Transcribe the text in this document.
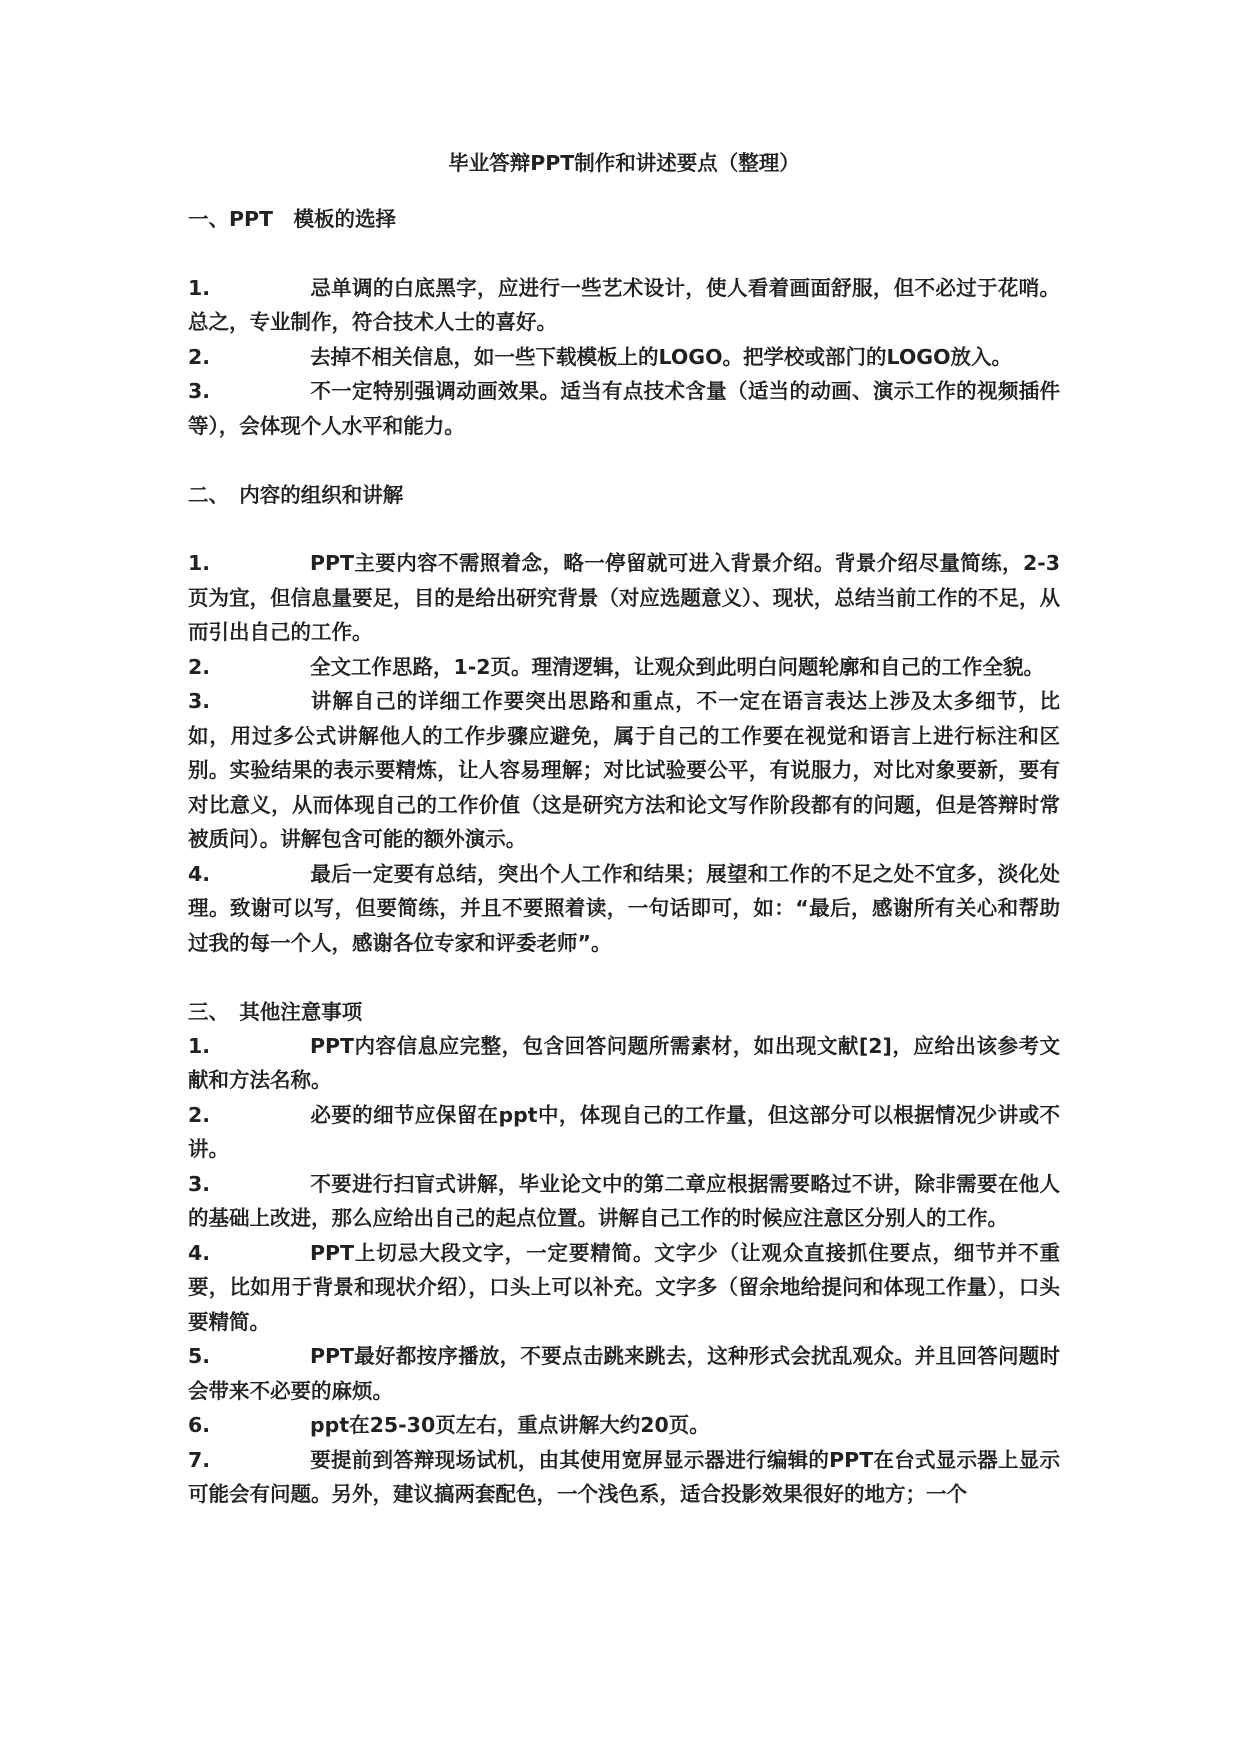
毕业答辩PPT制作和讲述要点（整理）

一、PPT　模板的选择

1.	忌单调的白底黑字，应进行一些艺术设计，使人看着画面舒服，但不必过于花哨。总之，专业制作，符合技术人士的喜好。

2.	去掉不相关信息，如一些下载模板上的LOGO。把学校或部门的LOGO放入。

3.	不一定特别强调动画效果。适当有点技术含量（适当的动画、演示工作的视频插件等），会体现个人水平和能力。

二、　内容的组织和讲解

1.	PPT主要内容不需照着念，略一停留就可进入背景介绍。背景介绍尽量简练，2-3页为宜，但信息量要足，目的是给出研究背景（对应选题意义）、现状，总结当前工作的不足，从而引出自己的工作。

2.	全文工作思路，1-2页。理清逻辑，让观众到此明白问题轮廓和自己的工作全貌。

3.	讲解自己的详细工作要突出思路和重点，不一定在语言表达上涉及太多细节，比如，用过多公式讲解他人的工作步骤应避免，属于自己的工作要在视觉和语言上进行标注和区别。实验结果的表示要精炼，让人容易理解；对比试验要公平，有说服力，对比对象要新，要有对比意义，从而体现自己的工作价值（这是研究方法和论文写作阶段都有的问题，但是答辩时常被质问）。讲解包含可能的额外演示。

4.	最后一定要有总结，突出个人工作和结果；展望和工作的不足之处不宜多，淡化处理。致谢可以写，但要简练，并且不要照着读，一句话即可，如：“最后，感谢所有关心和帮助过我的每一个人，感谢各位专家和评委老师”。

三、　其他注意事项

1.	PPT内容信息应完整，包含回答问题所需素材，如出现文献[2]，应给出该参考文献和方法名称。

2.	必要的细节应保留在ppt中，体现自己的工作量，但这部分可以根据情况少讲或不讲。

3.	不要进行扫盲式讲解，毕业论文中的第二章应根据需要略过不讲，除非需要在他人的基础上改进，那么应给出自己的起点位置。讲解自己工作的时候应注意区分别人的工作。

4.	PPT上切忌大段文字，一定要精简。文字少（让观众直接抓住要点，细节并不重要，比如用于背景和现状介绍），口头上可以补充。文字多（留余地给提问和体现工作量），口头要精简。

5.	PPT最好都按序播放，不要点击跳来跳去，这种形式会扰乱观众。并且回答问题时会带来不必要的麻烦。

6.	ppt在25-30页左右，重点讲解大约20页。

7.	要提前到答辩现场试机，由其使用宽屏显示器进行编辑的PPT在台式显示器上显示可能会有问题。另外，建议搞两套配色，一个浅色系，适合投影效果很好的地方；一个
